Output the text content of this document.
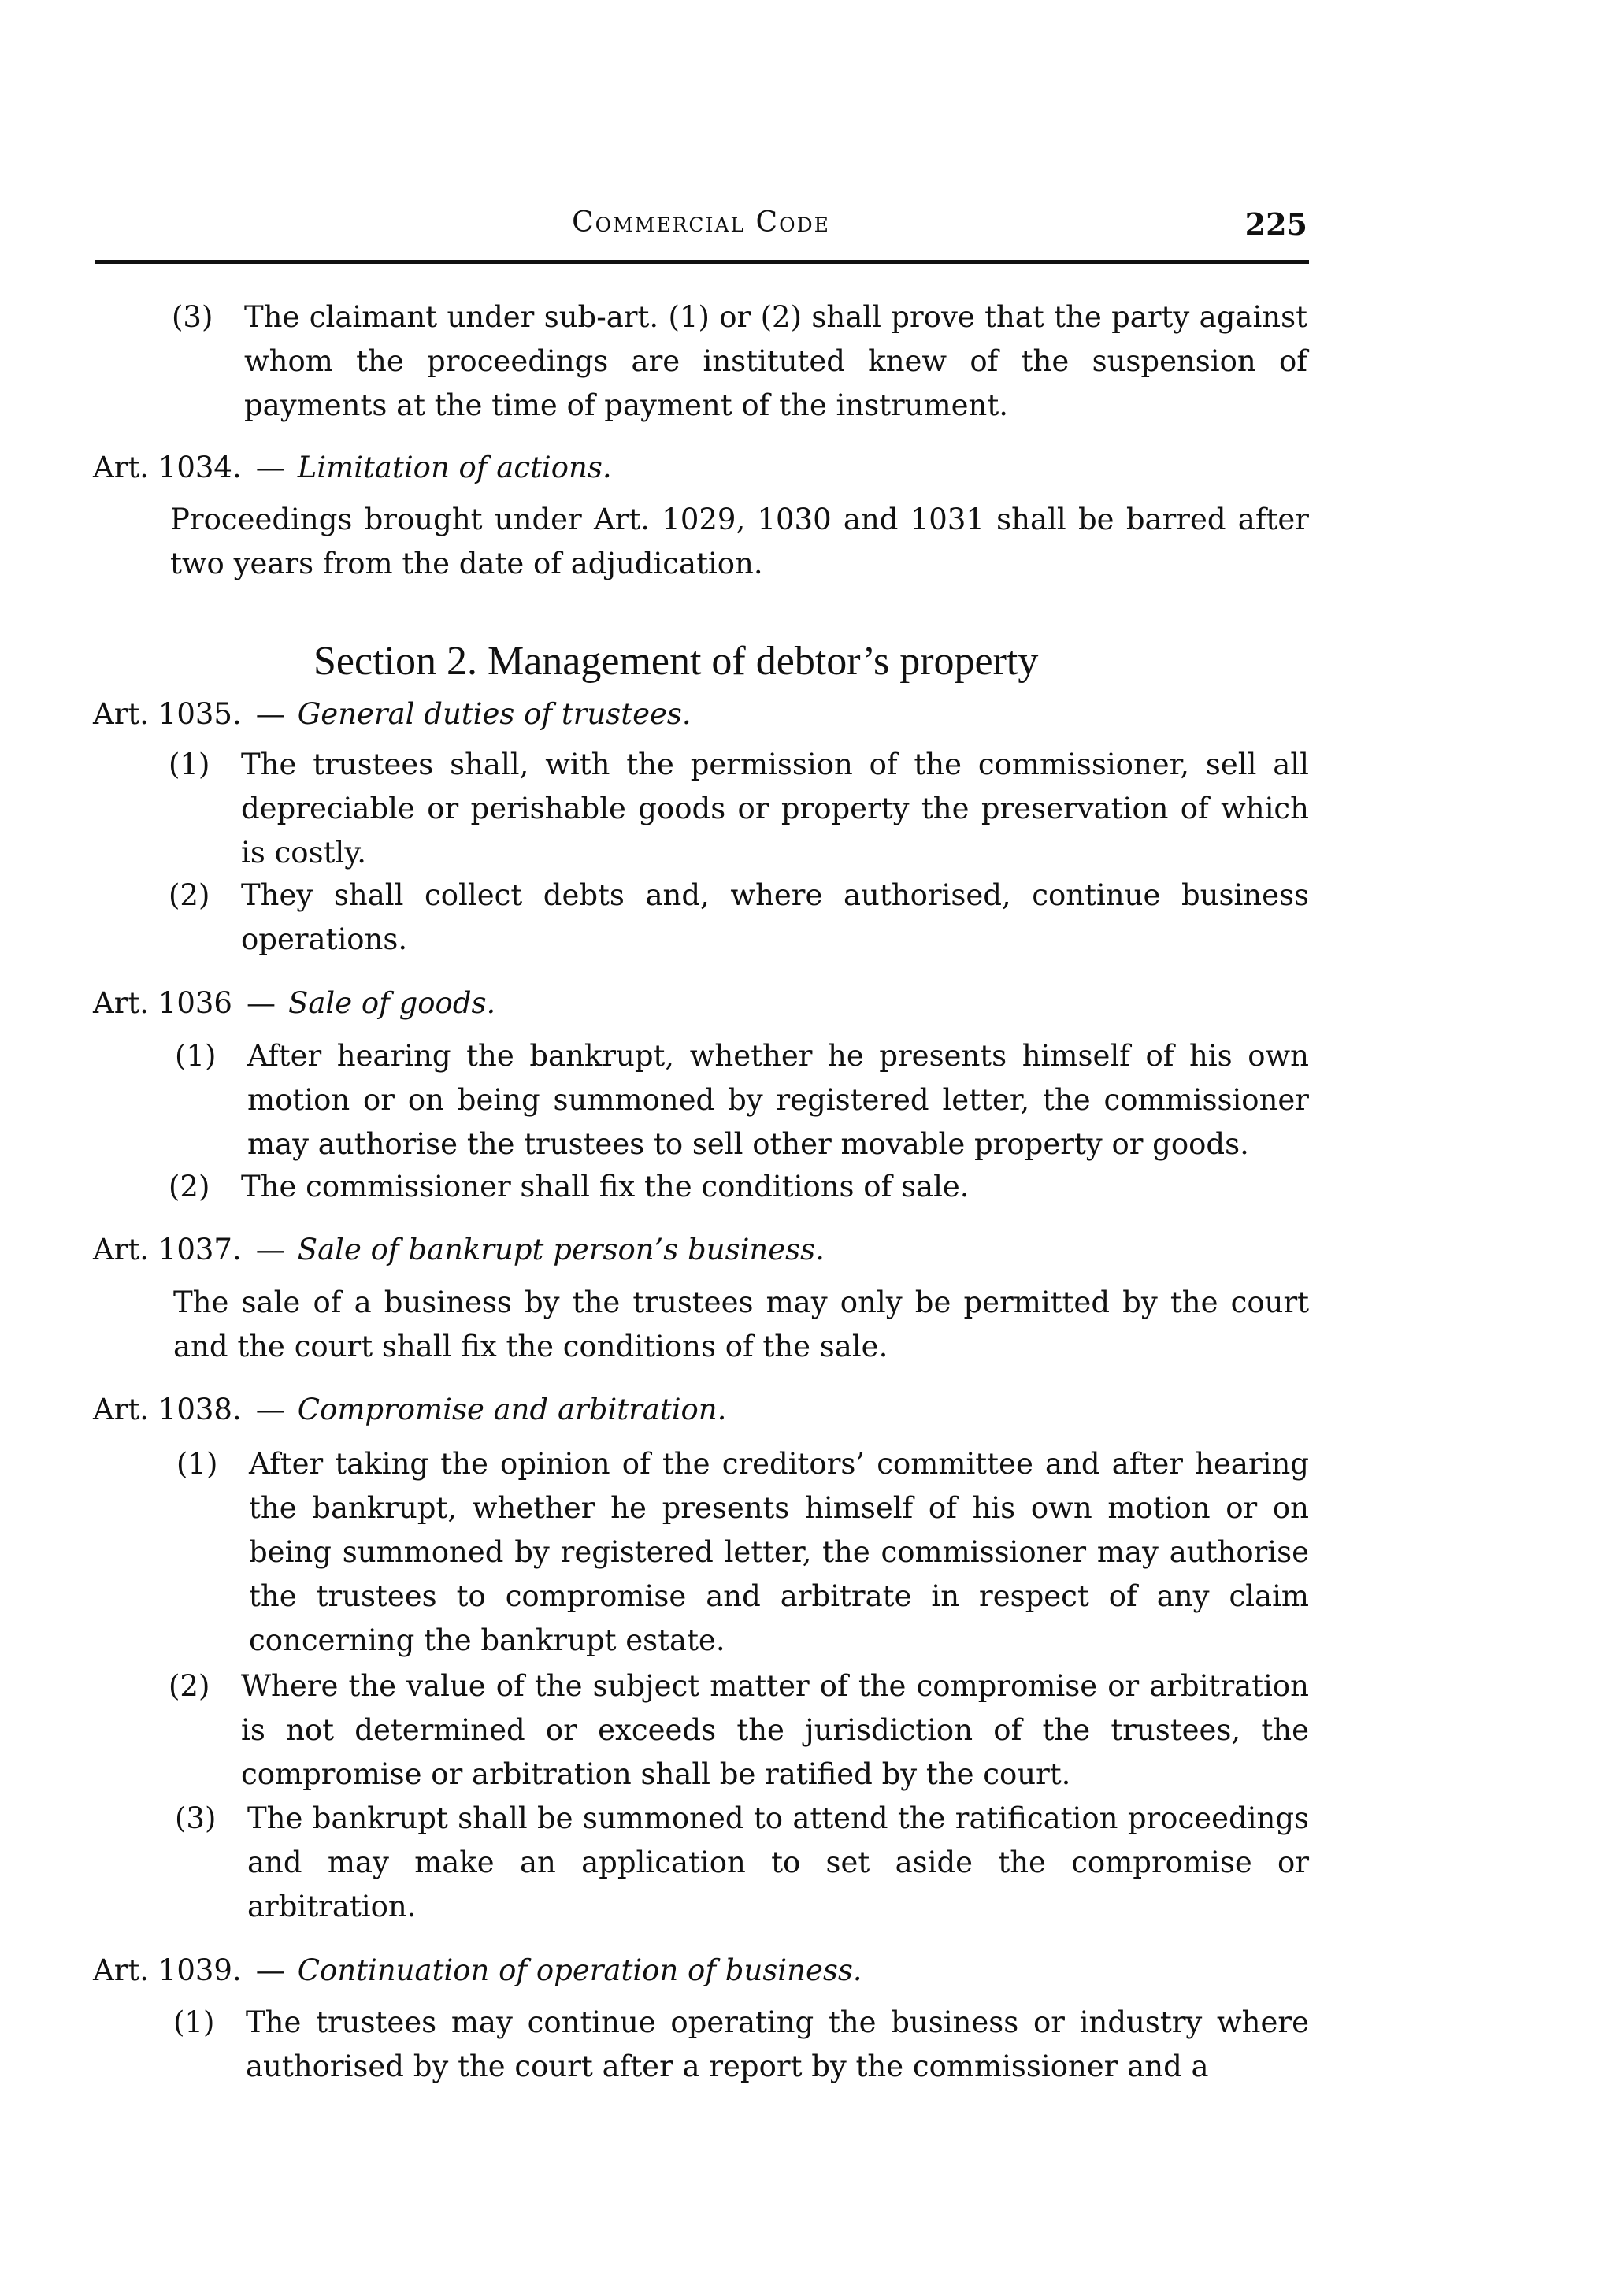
Commercial Code	225
(3) The claimant under sub-art. (1) or (2) shall prove that the party against whom the proceedings are instituted knew of the suspension of payments at the time of payment of the instrument.
Art. 1034. — Limitation of actions.
Proceedings brought under Art. 1029, 1030 and 1031 shall be barred after two years from the date of adjudication.
Section 2. Management of debtor’s property
Art. 1035. — General duties of trustees.
(1) The trustees shall, with the permission of the commissioner, sell all depreciable or perishable goods or property the preservation of which is costly.
(2) They shall collect debts and, where authorised, continue business operations.
Art. 1036 — Sale of goods.
(1) After hearing the bankrupt, whether he presents himself of his own motion or on being summoned by registered letter, the commissioner may authorise the trustees to sell other movable property or goods.
(2) The commissioner shall fix the conditions of sale.
Art. 1037. — Sale of bankrupt person’s business.
The sale of a business by the trustees may only be permitted by the court and the court shall fix the conditions of the sale.
Art. 1038. — Compromise and arbitration.
(1) After taking the opinion of the creditors’ committee and after hearing the bankrupt, whether he presents himself of his own motion or on being summoned by registered letter, the commissioner may authorise the trustees to compromise and arbitrate in respect of any claim concerning the bankrupt estate.
(2) Where the value of the subject matter of the compromise or arbitration is not determined or exceeds the jurisdiction of the trustees, the compromise or arbitration shall be ratified by the court.
(3) The bankrupt shall be summoned to attend the ratification proceedings and may make an application to set aside the compromise or arbitration.
Art. 1039. — Continuation of operation of business.
(1) The trustees may continue operating the business or industry where authorised by the court after a report by the commissioner and a
